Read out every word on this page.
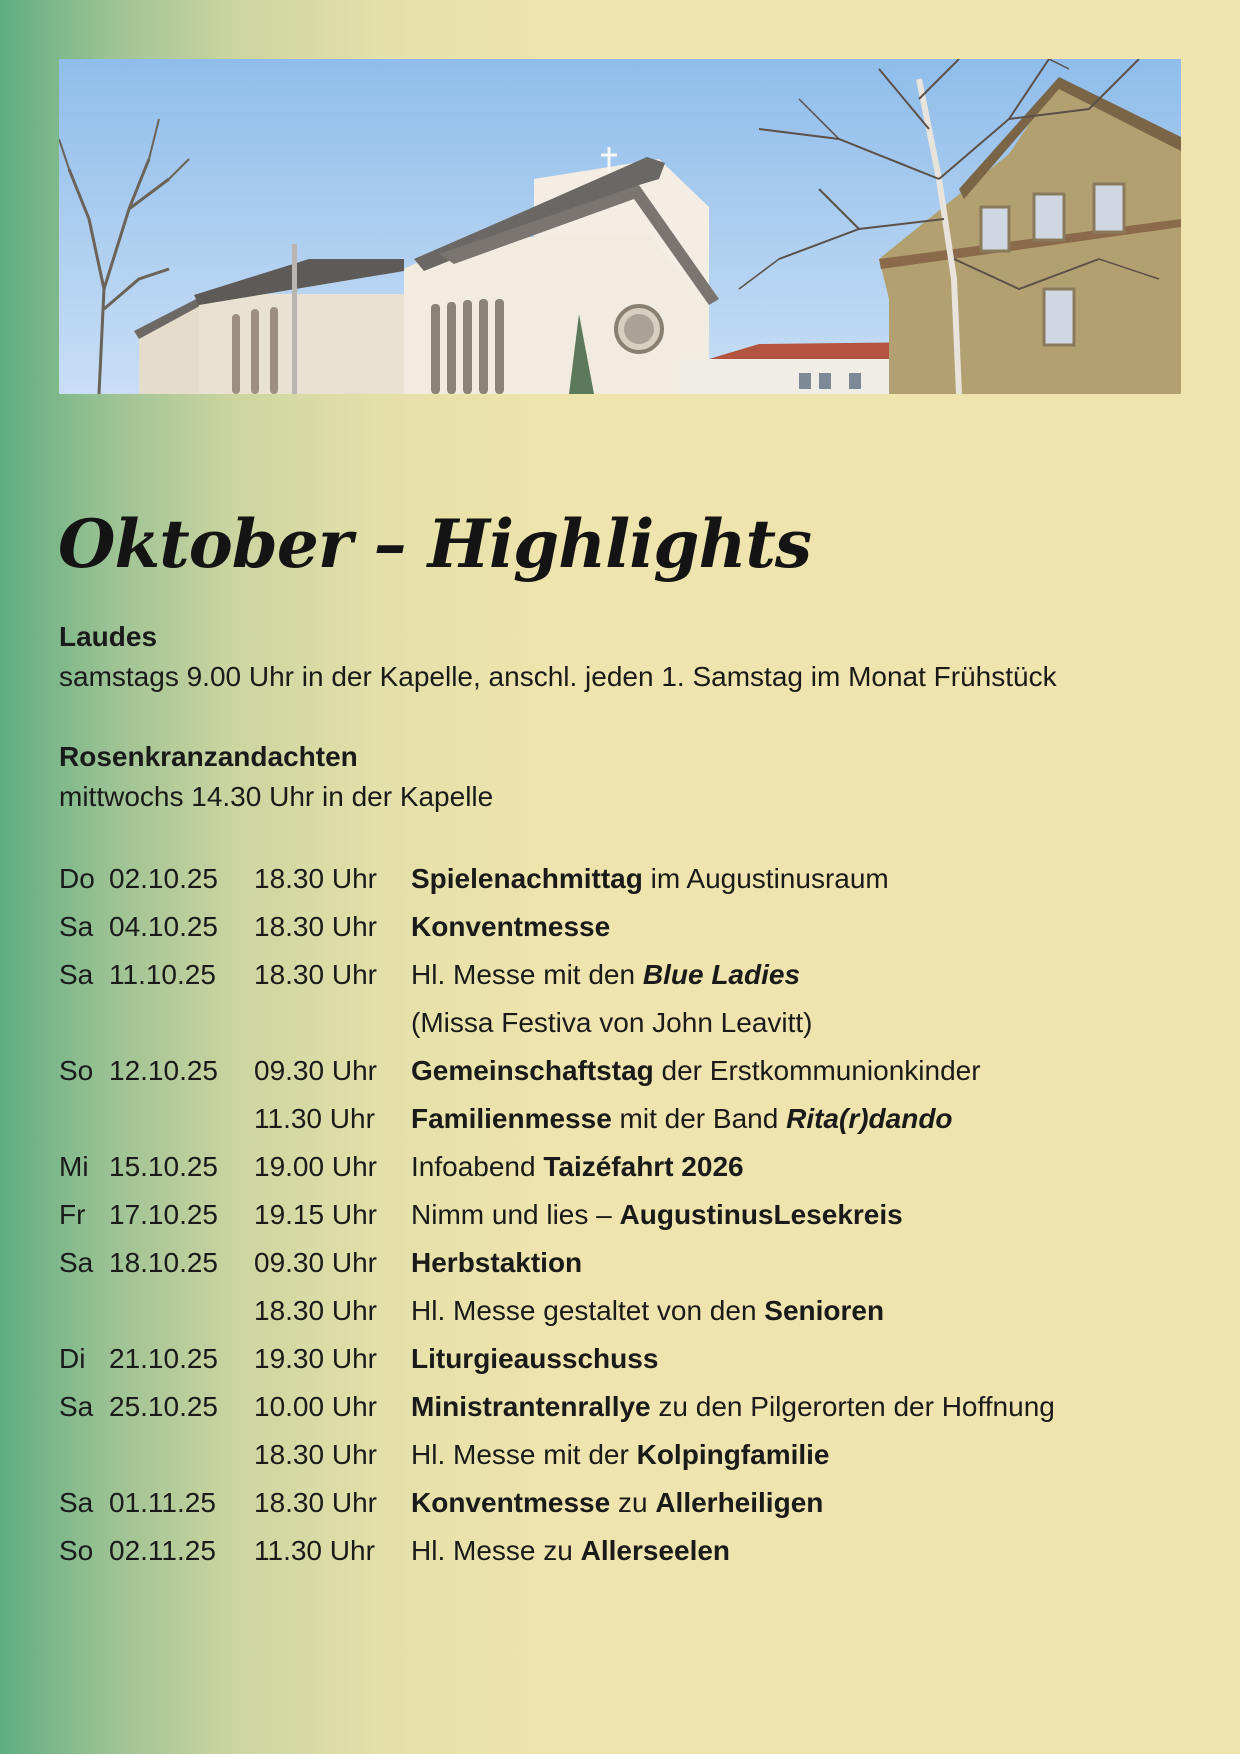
Oktober – Highlights
Laudes
samstags 9.00 Uhr in der Kapelle, anschl. jeden 1. Samstag im Monat Frühstück
Rosenkranzandachten
mittwochs 14.30 Uhr in der Kapelle
Do 02.10.25 18.30 Uhr Spielenachmittag im Augustinusraum
Sa 04.10.25 18.30 Uhr Konventmesse
Sa 11.10.25 18.30 Uhr Hl. Messe mit den Blue Ladies
(Missa Festiva von John Leavitt)
So 12.10.25 09.30 Uhr Gemeinschaftstag der Erstkommunionkinder
11.30 Uhr Familienmesse mit der Band Rita(r)dando
Mi 15.10.25 19.00 Uhr Infoabend Taizéfahrt 2026
Fr 17.10.25 19.15 Uhr Nimm und lies – AugustinusLesekreis
Sa 18.10.25 09.30 Uhr Herbstaktion
18.30 Uhr Hl. Messe gestaltet von den Senioren
Di 21.10.25 19.30 Uhr Liturgieausschuss
Sa 25.10.25 10.00 Uhr Ministrantenrallye zu den Pilgerorten der Hoffnung
18.30 Uhr Hl. Messe mit der Kolpingfamilie
Sa 01.11.25 18.30 Uhr Konventmesse zu Allerheiligen
So 02.11.25 11.30 Uhr Hl. Messe zu Allerseelen
